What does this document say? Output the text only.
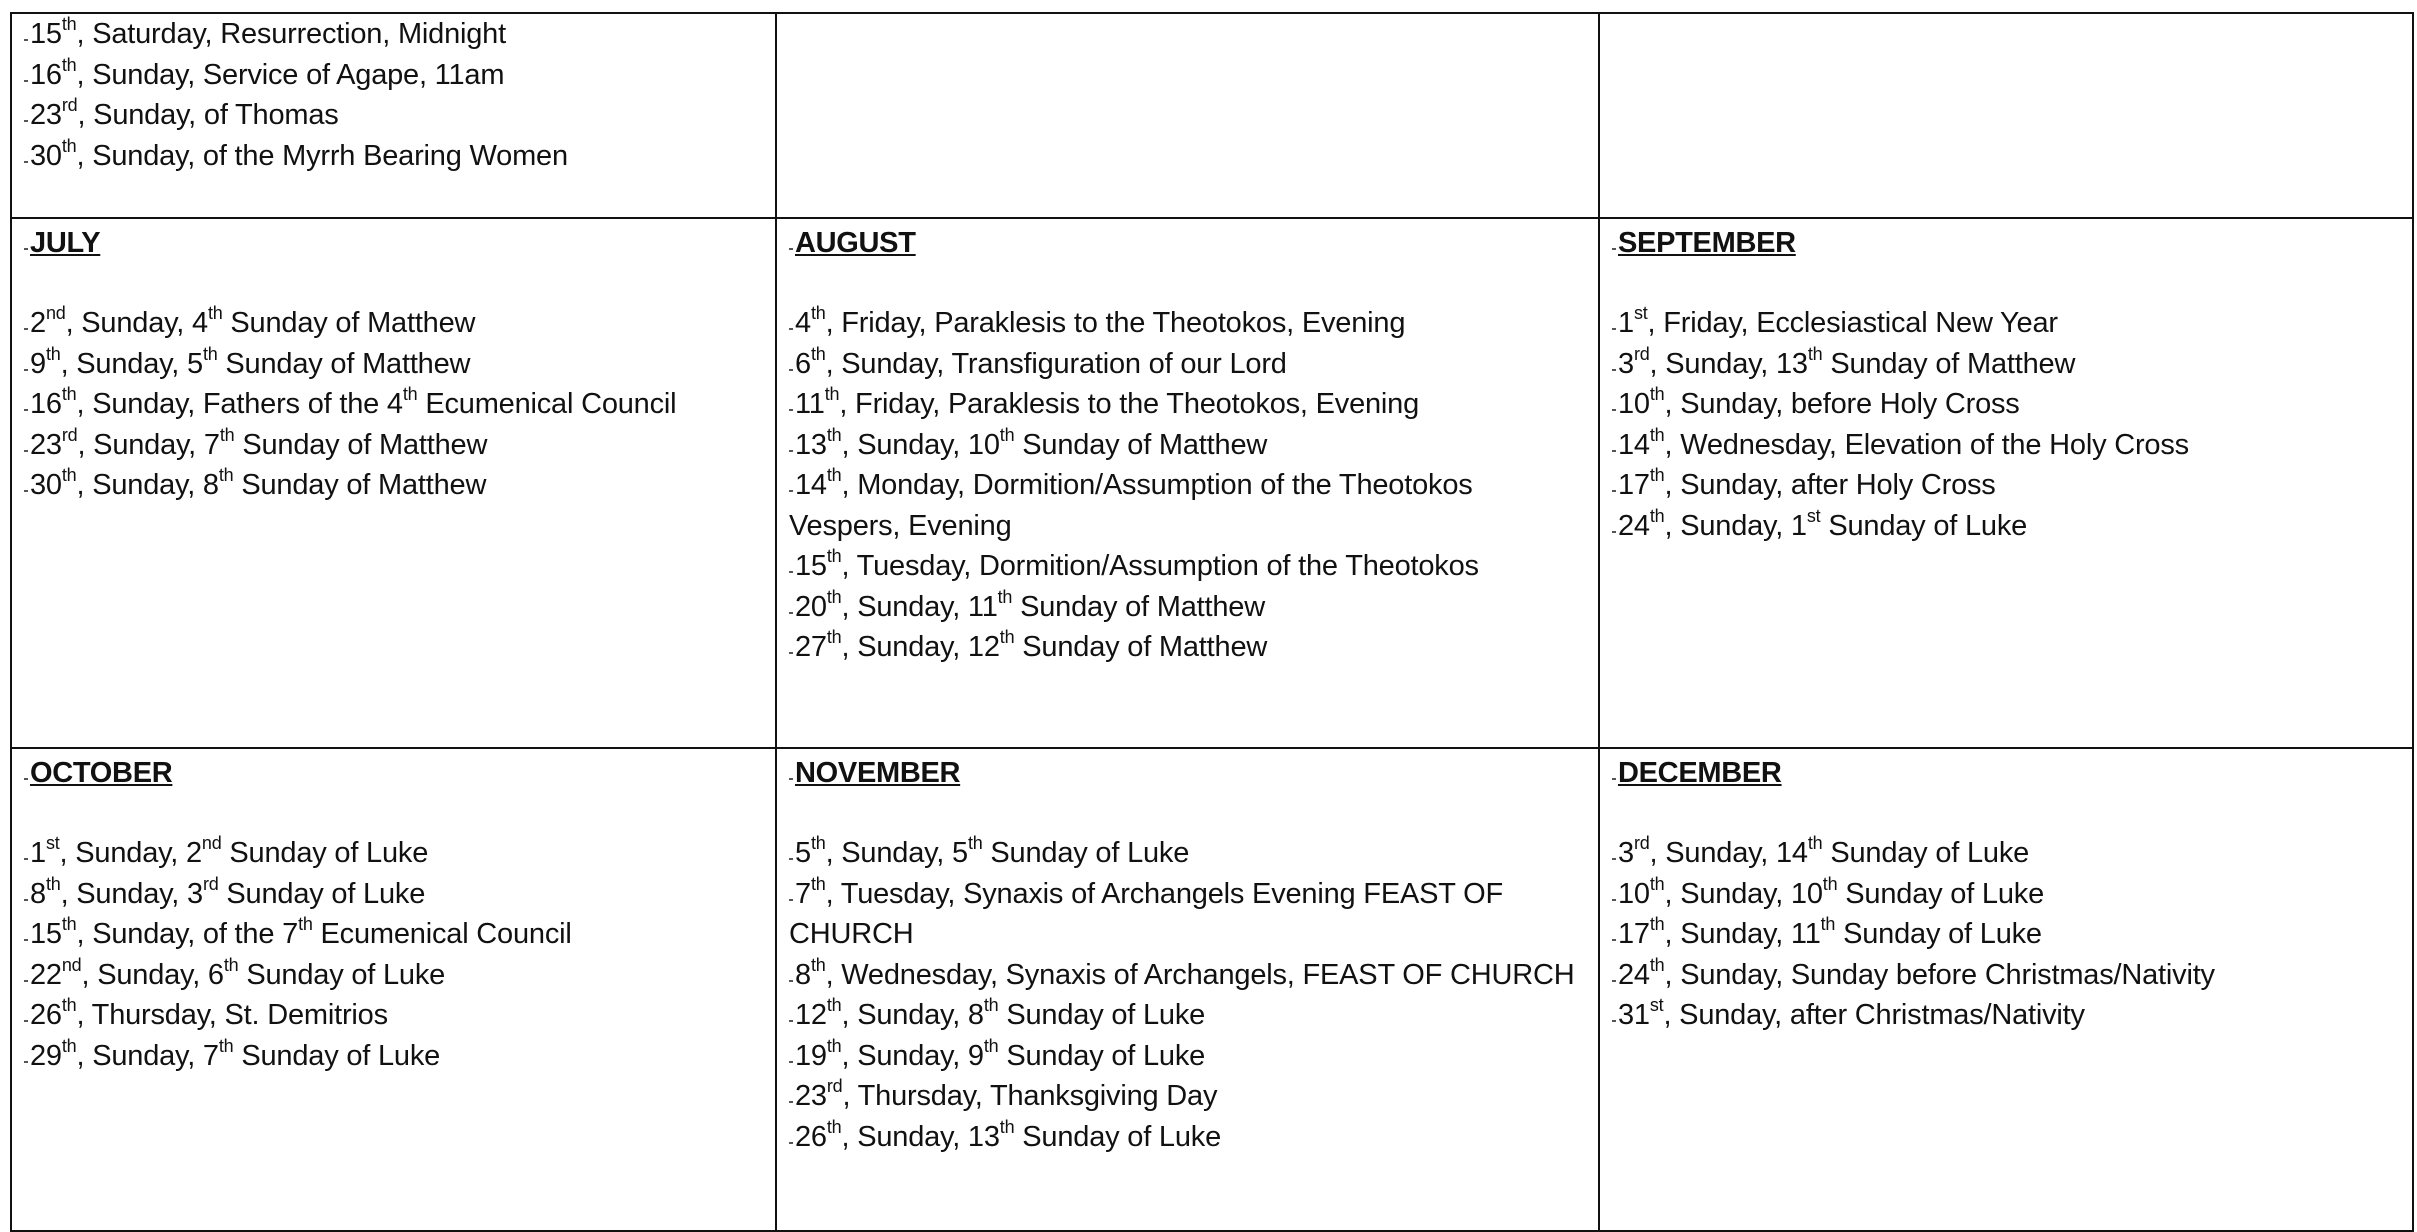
15th, Saturday, Resurrection, Midnight
16th, Sunday, Service of Agape, 11am
23rd, Sunday, of Thomas
30th, Sunday, of the Myrrh Bearing Women
JULY
2nd, Sunday, 4th Sunday of Matthew
9th, Sunday, 5th Sunday of Matthew
16th, Sunday, Fathers of the 4th Ecumenical Council
23rd, Sunday, 7th Sunday of Matthew
30th, Sunday, 8th Sunday of Matthew
AUGUST
4th, Friday, Paraklesis to the Theotokos, Evening
6th, Sunday, Transfiguration of our Lord
11th, Friday, Paraklesis to the Theotokos, Evening
13th, Sunday, 10th Sunday of Matthew
14th, Monday, Dormition/Assumption of the Theotokos Vespers, Evening
15th, Tuesday, Dormition/Assumption of the Theotokos
20th, Sunday, 11th Sunday of Matthew
27th, Sunday, 12th Sunday of Matthew
SEPTEMBER
1st, Friday, Ecclesiastical New Year
3rd, Sunday, 13th Sunday of Matthew
10th, Sunday, before Holy Cross
14th, Wednesday, Elevation of the Holy Cross
17th, Sunday, after Holy Cross
24th, Sunday, 1st Sunday of Luke
OCTOBER
1st, Sunday, 2nd Sunday of Luke
8th, Sunday, 3rd Sunday of Luke
15th, Sunday, of the 7th Ecumenical Council
22nd, Sunday, 6th Sunday of Luke
26th, Thursday, St. Demitrios
29th, Sunday, 7th Sunday of Luke
NOVEMBER
5th, Sunday, 5th Sunday of Luke
7th, Tuesday, Synaxis of Archangels Evening FEAST OF CHURCH
8th, Wednesday, Synaxis of Archangels, FEAST OF CHURCH
12th, Sunday, 8th Sunday of Luke
19th, Sunday, 9th Sunday of Luke
23rd, Thursday, Thanksgiving Day
26th, Sunday, 13th Sunday of Luke
DECEMBER
3rd, Sunday, 14th Sunday of Luke
10th, Sunday, 10th Sunday of Luke
17th, Sunday, 11th Sunday of Luke
24th, Sunday, Sunday before Christmas/Nativity
31st, Sunday, after Christmas/Nativity
